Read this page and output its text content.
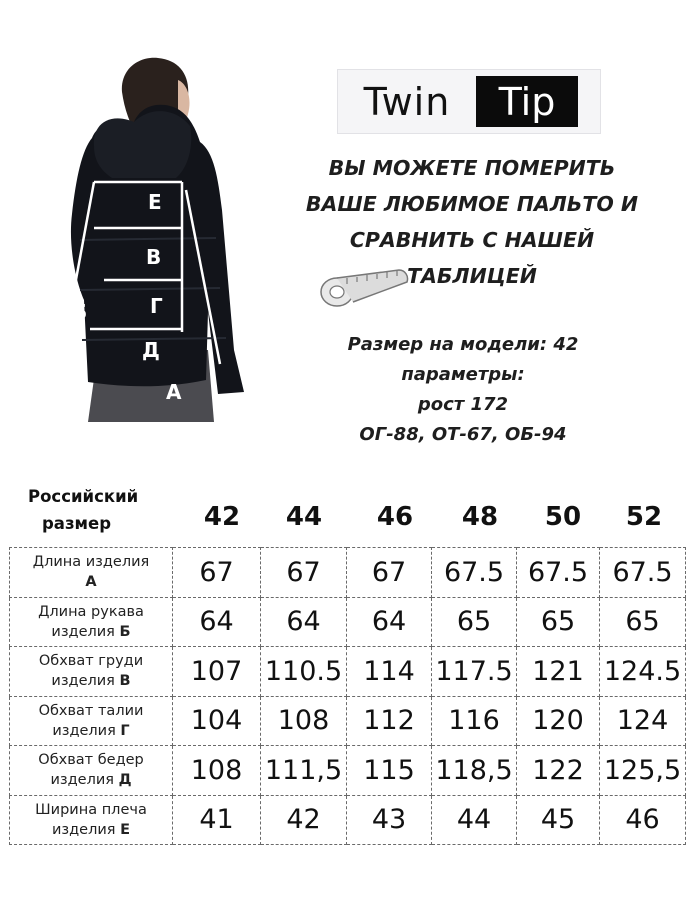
Е
В
Г
Д
Б
А
Twin	Tip
ВЫ МОЖЕТЕ ПОМЕРИТЬ
ВАШЕ ЛЮБИМОЕ ПАЛЬТО И
СРАВНИТЬ С НАШЕЙ
ТАБЛИЦЕЙ
Размер на модели: 42
параметры:
рост 172
ОГ-88, ОТ-67, ОБ-94
Российский
размер	42	44	46	48	50	52
Длина изделия
А	67	67	67	67.5	67.5	67.5

Длина рукава
изделия Б	64	64	64	65	65	65

Обхват груди
изделия В	107	110.5	114	117.5	121	124.5

Обхват талии
изделия Г	104	108	112	116	120	124

Обхват бедер
изделия Д	108	111,5	115	118,5	122	125,5

Ширина плеча
изделия Е	41	42	43	44	45	46
